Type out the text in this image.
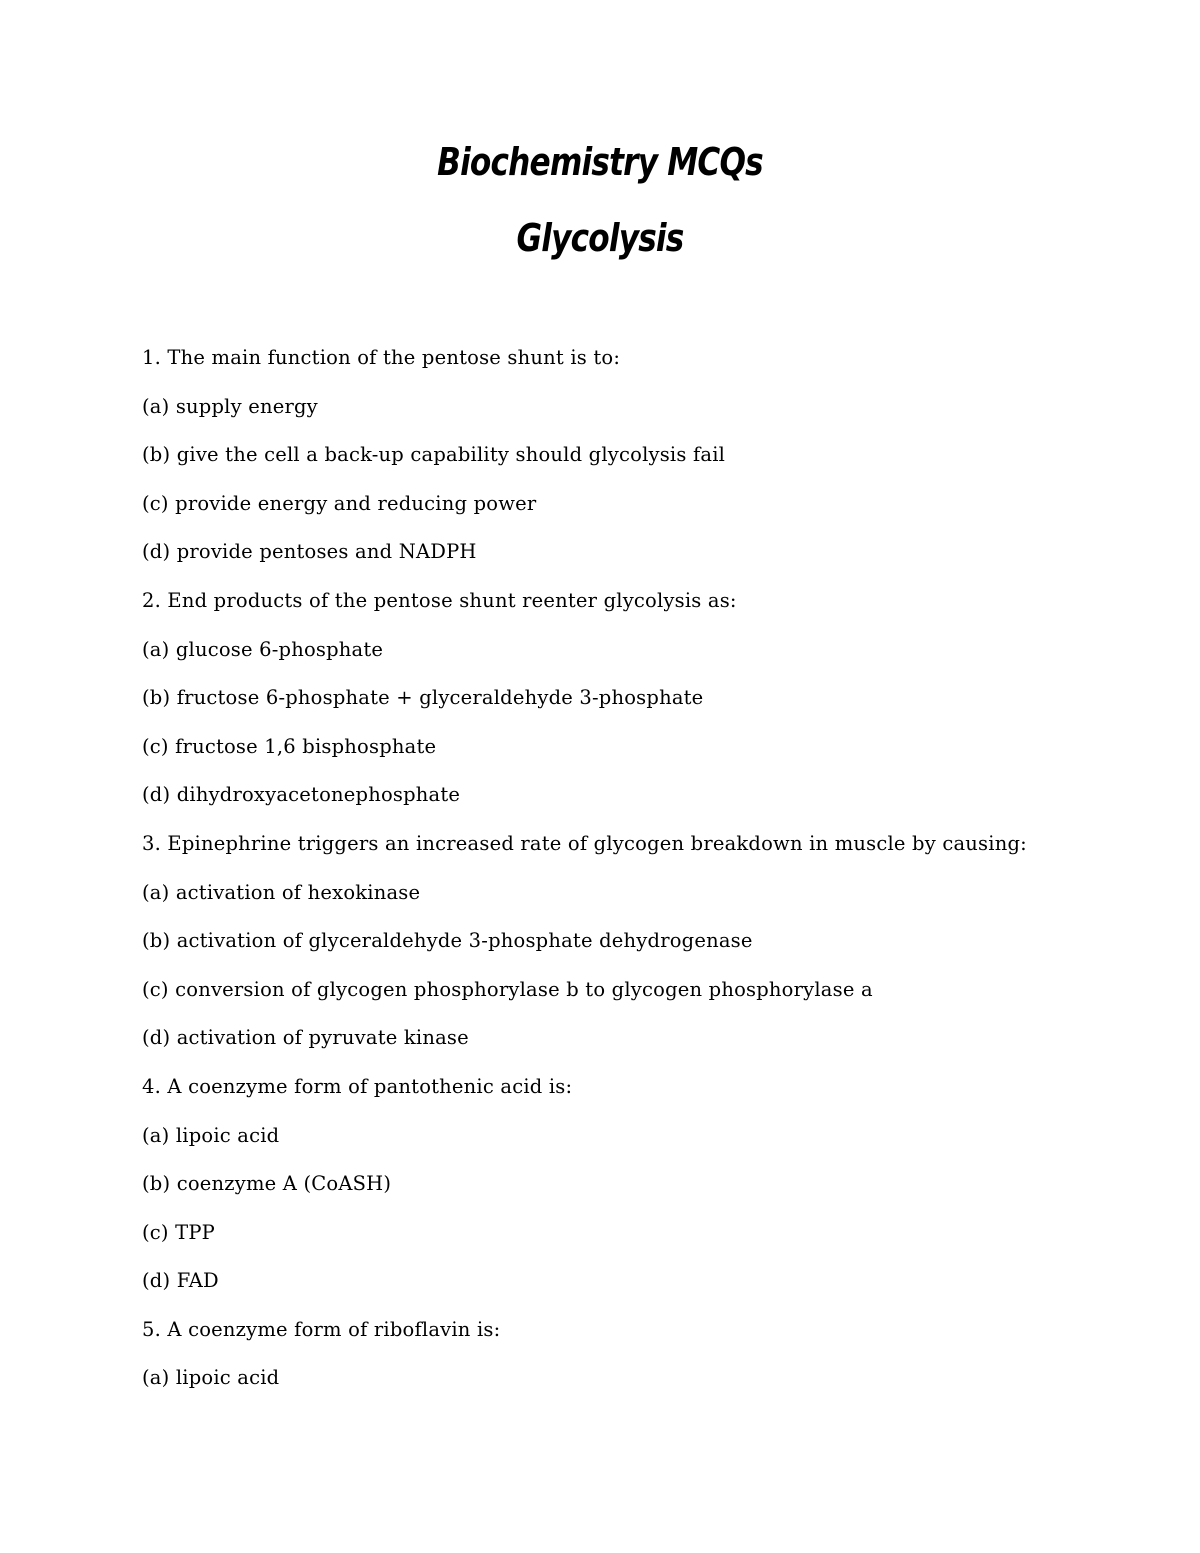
Biochemistry MCQs
Glycolysis
1. The main function of the pentose shunt is to:
(a) supply energy
(b) give the cell a back-up capability should glycolysis fail
(c) provide energy and reducing power
(d) provide pentoses and NADPH
2. End products of the pentose shunt reenter glycolysis as:
(a) glucose 6-phosphate
(b) fructose 6-phosphate + glyceraldehyde 3-phosphate
(c) fructose 1,6 bisphosphate
(d) dihydroxyacetonephosphate
3. Epinephrine triggers an increased rate of glycogen breakdown in muscle by causing:
(a) activation of hexokinase
(b) activation of glyceraldehyde 3-phosphate dehydrogenase
(c) conversion of glycogen phosphorylase b to glycogen phosphorylase a
(d) activation of pyruvate kinase
4. A coenzyme form of pantothenic acid is:
(a) lipoic acid
(b) coenzyme A (CoASH)
(c) TPP
(d) FAD
5. A coenzyme form of riboflavin is:
(a) lipoic acid
